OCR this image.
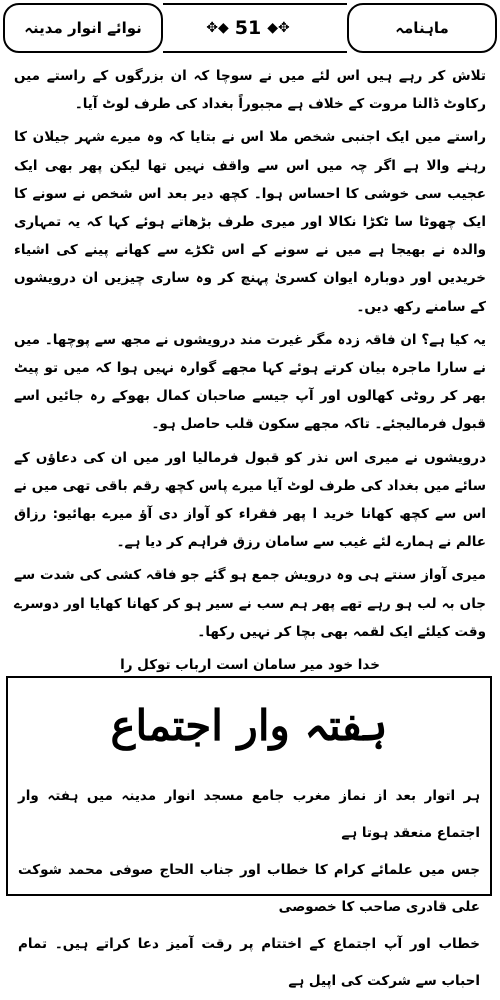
نوائے انوار مدینہ	✥◆ 51 ◆✥	ماہنامہ

تلاش کر رہے ہیں اس لئے میں نے سوچا کہ ان بزرگوں کے راستے میں رکاوٹ ڈالنا مروت کے خلاف ہے مجبوراً بغداد کی طرف لوٹ آیا۔

راستے میں ایک اجنبی شخص ملا اس نے بتایا کہ وہ میرے شہر جیلان کا رہنے والا ہے اگر چہ میں اس سے واقف نہیں تھا لیکن پھر بھی ایک عجیب سی خوشی کا احساس ہوا۔ کچھ دیر بعد اس شخص نے سونے کا ایک چھوٹا سا ٹکڑا نکالا اور میری طرف بڑھاتے ہوئے کہا کہ یہ تمہاری والدہ نے بھیجا ہے میں نے سونے کے اس ٹکڑے سے کھانے پینے کی اشیاء خریدیں اور دوبارہ ایوان کسریٰ پہنچ کر وہ ساری چیزیں ان درویشوں کے سامنے رکھ دیں۔

یہ کیا ہے؟ ان فاقہ زدہ مگر غیرت مند درویشوں نے مجھ سے پوچھا۔ میں نے سارا ماجرہ بیان کرتے ہوئے کہا مجھے گوارہ نہیں ہوا کہ میں تو پیٹ بھر کر روٹی کھالوں اور آپ جیسے صاحبان کمال بھوکے رہ جائیں اسے قبول فرمالیجئے۔ تاکہ مجھے سکون قلب حاصل ہو۔

درویشوں نے میری اس نذر کو قبول فرمالیا اور میں ان کی دعاؤں کے سائے میں بغداد کی طرف لوٹ آیا میرے پاس کچھ رقم باقی تھی میں نے اس سے کچھ کھانا خرید ا پھر فقراء کو آواز دی آؤ میرے بھائیو: رزاق عالم نے ہمارے لئے غیب سے سامان رزق فراہم کر دیا ہے۔

میری آواز سنتے ہی وہ درویش جمع ہو گئے جو فاقہ کشی کی شدت سے جاں بہ لب ہو رہے تھے پھر ہم سب نے سیر ہو کر کھانا کھایا اور دوسرے وقت کیلئے ایک لقمہ بھی بچا کر نہیں رکھا۔

خدا خود میر سامان است ارباب توکل را

ہفتہ وار اجتماع
ہر اتوار بعد از نماز مغرب جامع مسجد انوار مدینہ میں ہفتہ وار اجتماع منعقد ہوتا ہے
جس میں علمائے کرام کا خطاب اور جناب الحاج صوفی محمد شوکت علی قادری صاحب کا خصوصی
خطاب اور آپ اجتماع کے اختتام پر رقت آمیز دعا کراتے ہیں۔ تمام احباب سے شرکت کی اپیل ہے
